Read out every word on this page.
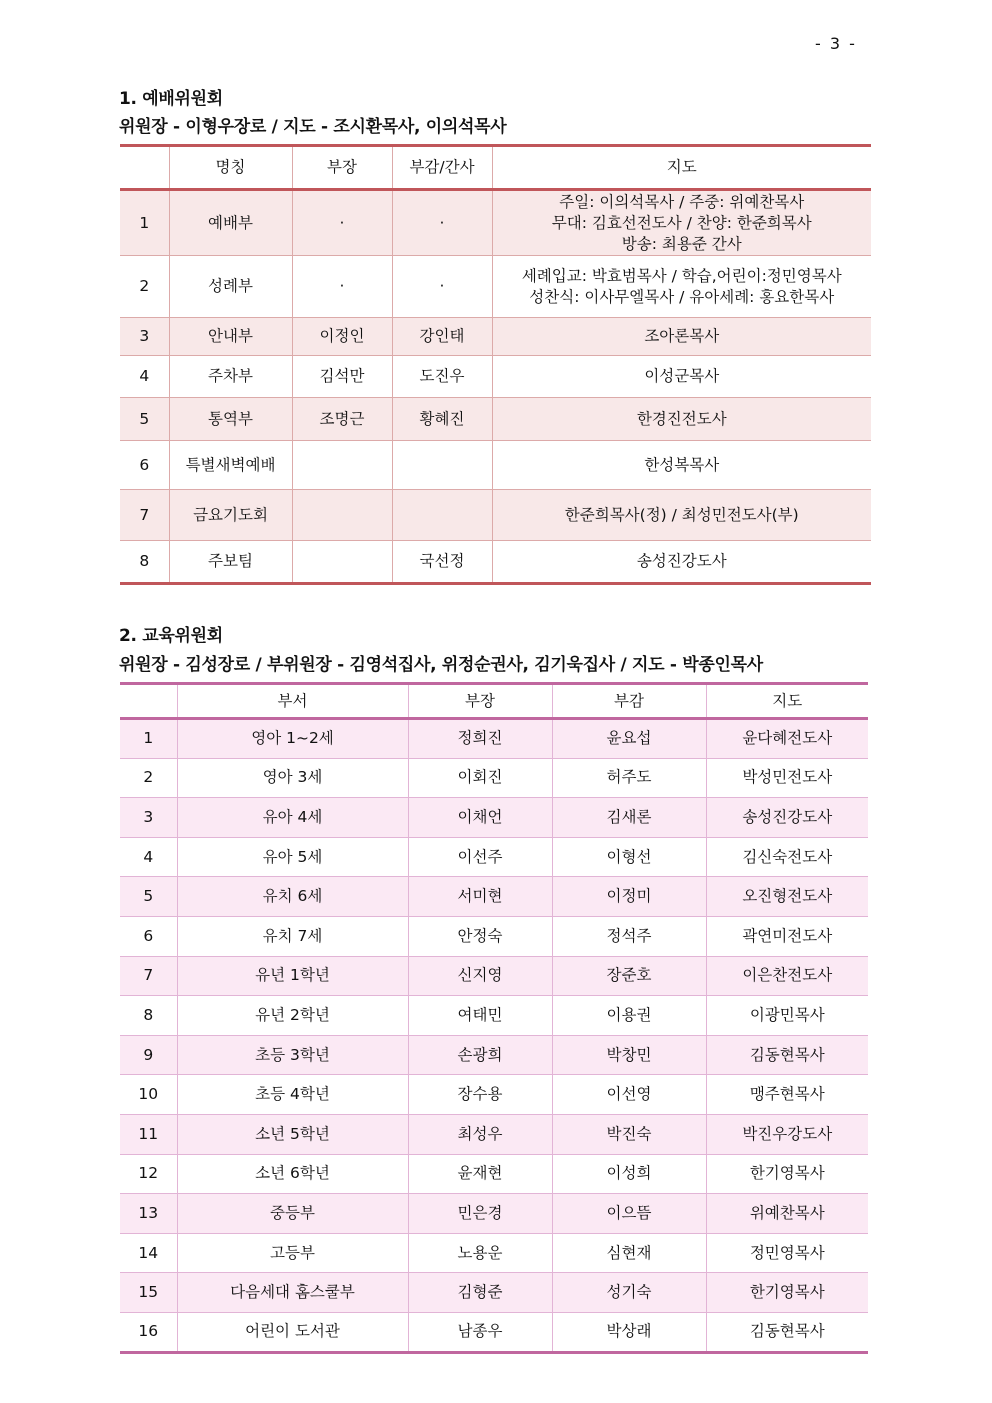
- 3 -
1. 예배위원회
위원장 - 이형우장로 / 지도 - 조시환목사, 이의석목사
	명칭	부장	부감/간사	지도
1	예배부	·	·	주일: 이의석목사 / 주중: 위예찬목사
무대: 김효선전도사 / 찬양: 한준희목사
방송: 최용준 간사

2	성례부	·	·	세례입교: 박효범목사 / 학습,어린이:정민영목사
성찬식: 이사무엘목사 / 유아세례: 홍요한목사

3	안내부	이정인	강인태	조아론목사
4	주차부	김석만	도진우	이성군목사
5	통역부	조명근	황혜진	한경진전도사
6	특별새벽예배			한성복목사
7	금요기도회			한준희목사(정) / 최성민전도사(부)
8	주보팀		국선정	송성진강도사
2. 교육위원회
위원장 - 김성장로 / 부위원장 - 김영석집사, 위정순권사, 김기욱집사 / 지도 - 박종인목사
	부서	부장	부감	지도
1	영아 1~2세	정희진	윤요섭	윤다혜전도사
2	영아 3세	이회진	허주도	박성민전도사
3	유아 4세	이채언	김새론	송성진강도사
4	유아 5세	이선주	이형선	김신숙전도사
5	유치 6세	서미현	이정미	오진형전도사
6	유치 7세	안정숙	정석주	곽연미전도사
7	유년 1학년	신지영	장준호	이은찬전도사
8	유년 2학년	여태민	이용권	이광민목사
9	초등 3학년	손광희	박창민	김동현목사
10	초등 4학년	장수용	이선영	맹주현목사
11	소년 5학년	최성우	박진숙	박진우강도사
12	소년 6학년	윤재현	이성희	한기영목사
13	중등부	민은경	이으뜸	위예찬목사
14	고등부	노용운	심현재	정민영목사
15	다음세대 홈스쿨부	김형준	성기숙	한기영목사
16	어린이 도서관	남종우	박상래	김동현목사
